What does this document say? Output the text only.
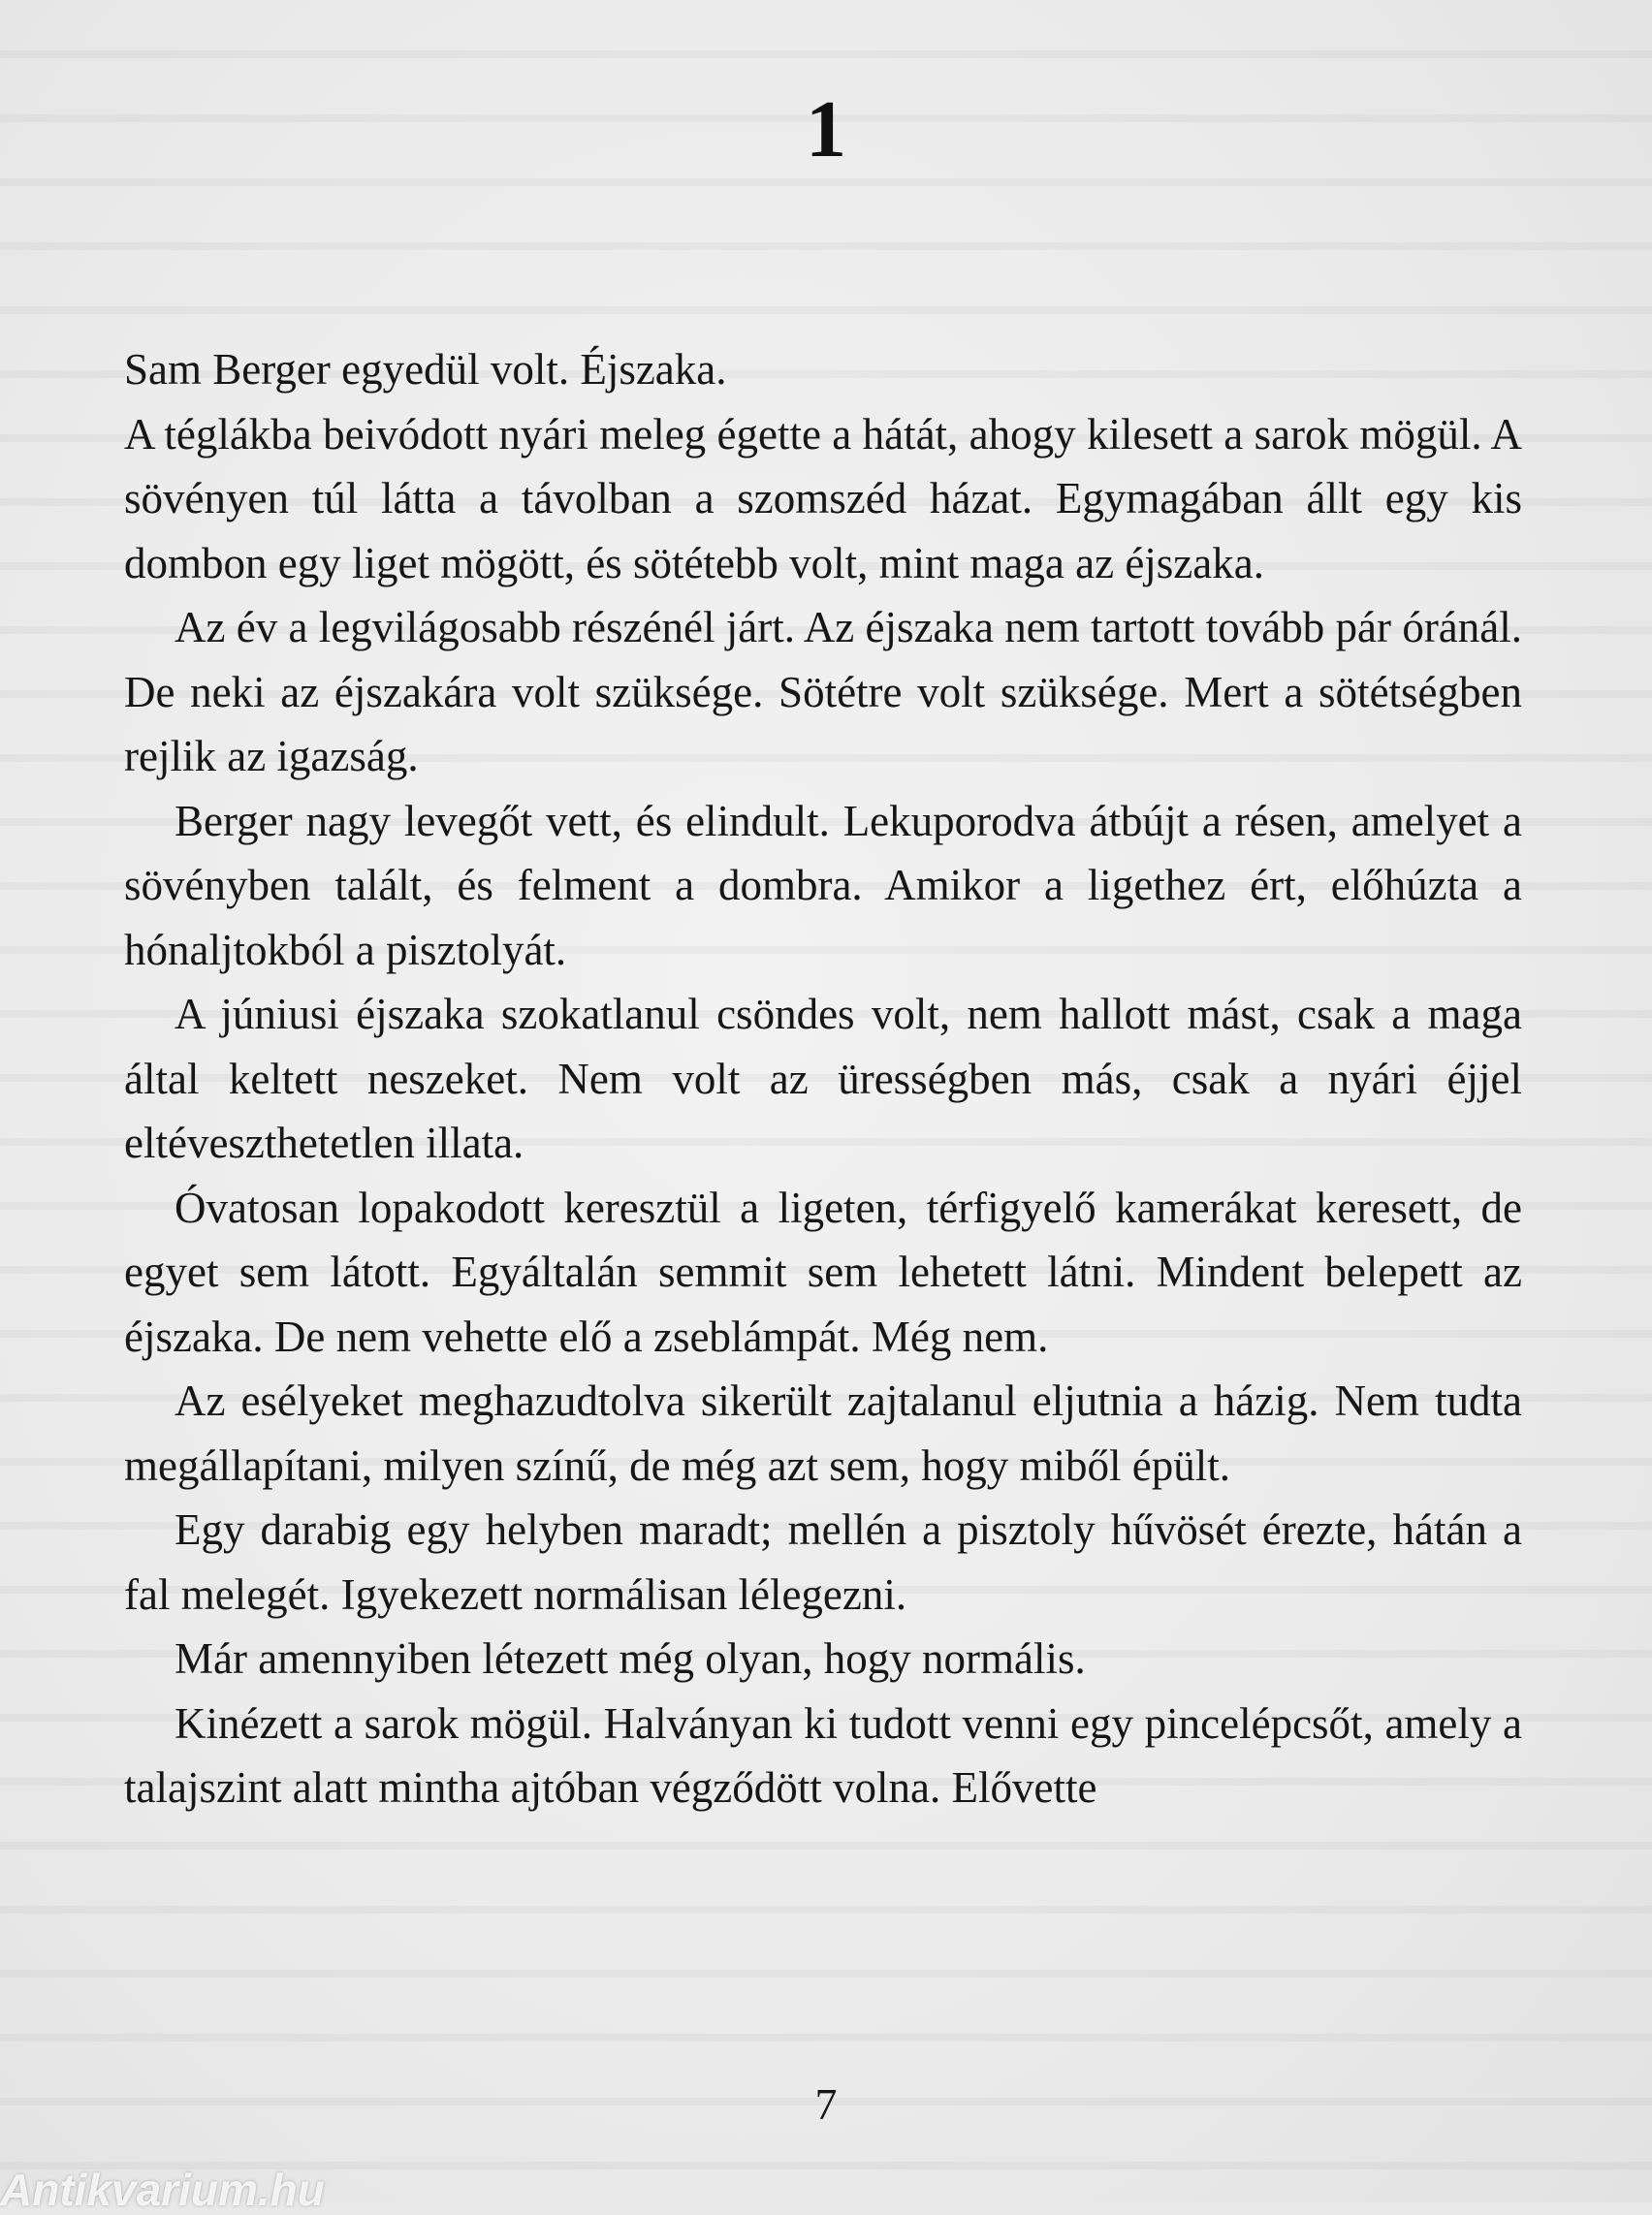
1

Sam Berger egyedül volt. Éjszaka.

A téglákba beivódott nyári meleg égette a hátát, ahogy kilesett a sarok mögül. A sövényen túl látta a távolban a szomszéd házat. Egymagában állt egy kis dombon egy liget mögött, és sötétebb volt, mint maga az éjszaka.

Az év a legvilágosabb részénél járt. Az éjszaka nem tartott tovább pár óránál. De neki az éjszakára volt szüksége. Sötétre volt szüksége. Mert a sötétségben rejlik az igazság.

Berger nagy levegőt vett, és elindult. Lekuporodva átbújt a résen, amelyet a sövényben talált, és felment a dombra. Amikor a ligethez ért, előhúzta a hónaljtokból a pisztolyát.

A júniusi éjszaka szokatlanul csöndes volt, nem hallott mást, csak a maga által keltett neszeket. Nem volt az ürességben más, csak a nyári éjjel eltéveszthetetlen illata.

Óvatosan lopakodott keresztül a ligeten, térfigyelő kamerákat keresett, de egyet sem látott. Egyáltalán semmit sem lehetett látni. Mindent belepett az éjszaka. De nem vehette elő a zseblámpát. Még nem.

Az esélyeket meghazudtolva sikerült zajtalanul eljutnia a házig. Nem tudta megállapítani, milyen színű, de még azt sem, hogy miből épült.

Egy darabig egy helyben maradt; mellén a pisztoly hűvösét érezte, hátán a fal melegét. Igyekezett normálisan lélegezni.

Már amennyiben létezett még olyan, hogy normális.

Kinézett a sarok mögül. Halványan ki tudott venni egy pincelépcsőt, amely a talajszint alatt mintha ajtóban végződött volna. Elővette

7
Antikvarium.hu
